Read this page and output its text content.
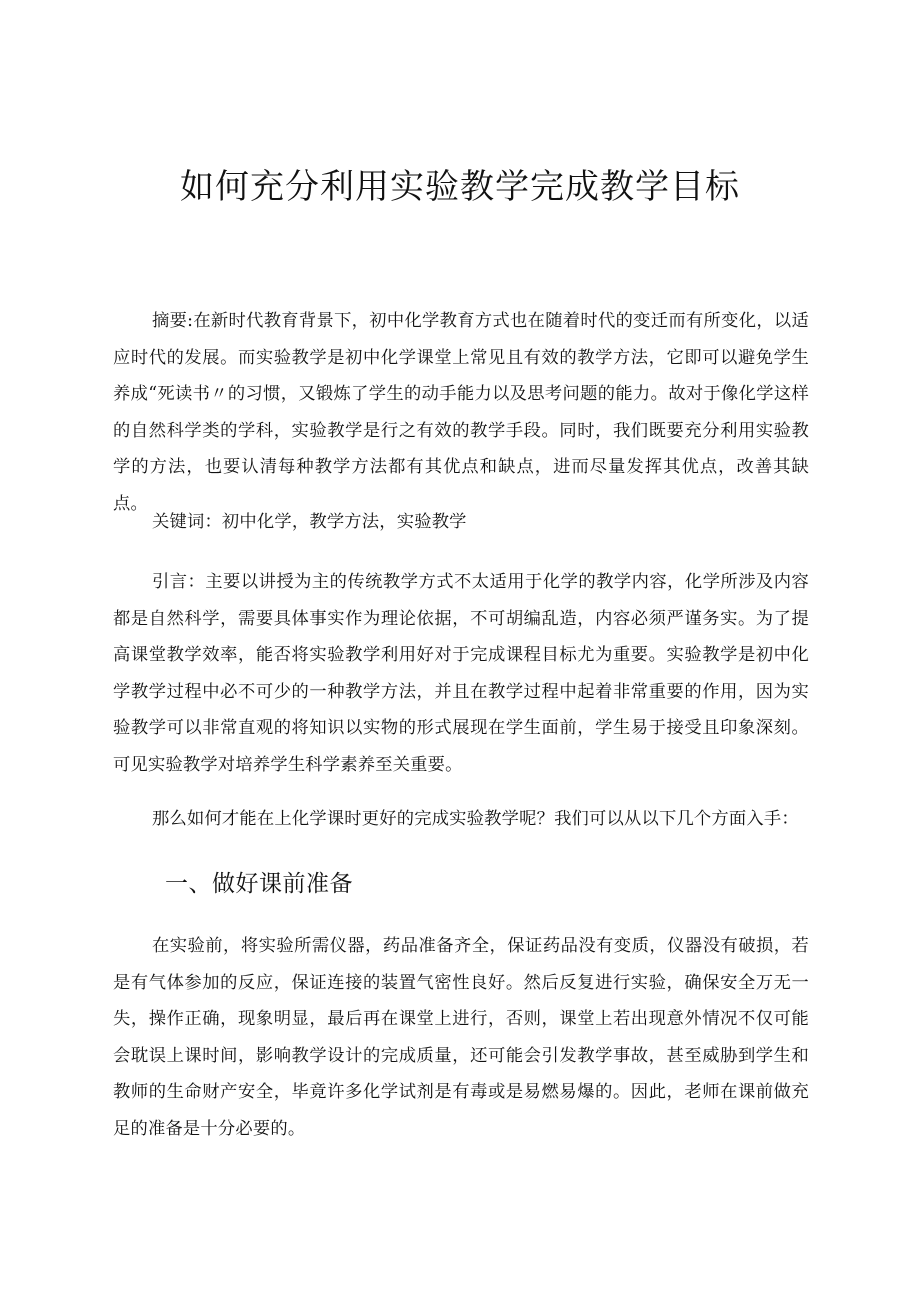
如何充分利用实验教学完成教学目标

摘要:在新时代教育背景下，初中化学教育方式也在随着时代的变迁而有所变化，以适应时代的发展。而实验教学是初中化学课堂上常见且有效的教学方法，它即可以避免学生养成“死读书〃的习惯，又锻炼了学生的动手能力以及思考问题的能力。故对于像化学这样的自然科学类的学科，实验教学是行之有效的教学手段。同时，我们既要充分利用实验教学的方法，也要认清每种教学方法都有其优点和缺点，进而尽量发挥其优点，改善其缺点。

关键词：初中化学，教学方法，实验教学

引言：主要以讲授为主的传统教学方式不太适用于化学的教学内容，化学所涉及内容都是自然科学，需要具体事实作为理论依据，不可胡编乱造，内容必须严谨务实。为了提高课堂教学效率，能否将实验教学利用好对于完成课程目标尤为重要。实验教学是初中化学教学过程中必不可少的一种教学方法，并且在教学过程中起着非常重要的作用，因为实验教学可以非常直观的将知识以实物的形式展现在学生面前，学生易于接受且印象深刻。可见实验教学对培养学生科学素养至关重要。

那么如何才能在上化学课时更好的完成实验教学呢？我们可以从以下几个方面入手：

一、做好课前准备

在实验前，将实验所需仪器，药品准备齐全，保证药品没有变质，仪器没有破损，若是有气体参加的反应，保证连接的装置气密性良好。然后反复进行实验，确保安全万无一失，操作正确，现象明显，最后再在课堂上进行，否则，课堂上若出现意外情况不仅可能会耽误上课时间，影响教学设计的完成质量，还可能会引发教学事故，甚至威胁到学生和教师的生命财产安全，毕竟许多化学试剂是有毒或是易燃易爆的。因此，老师在课前做充足的准备是十分必要的。
